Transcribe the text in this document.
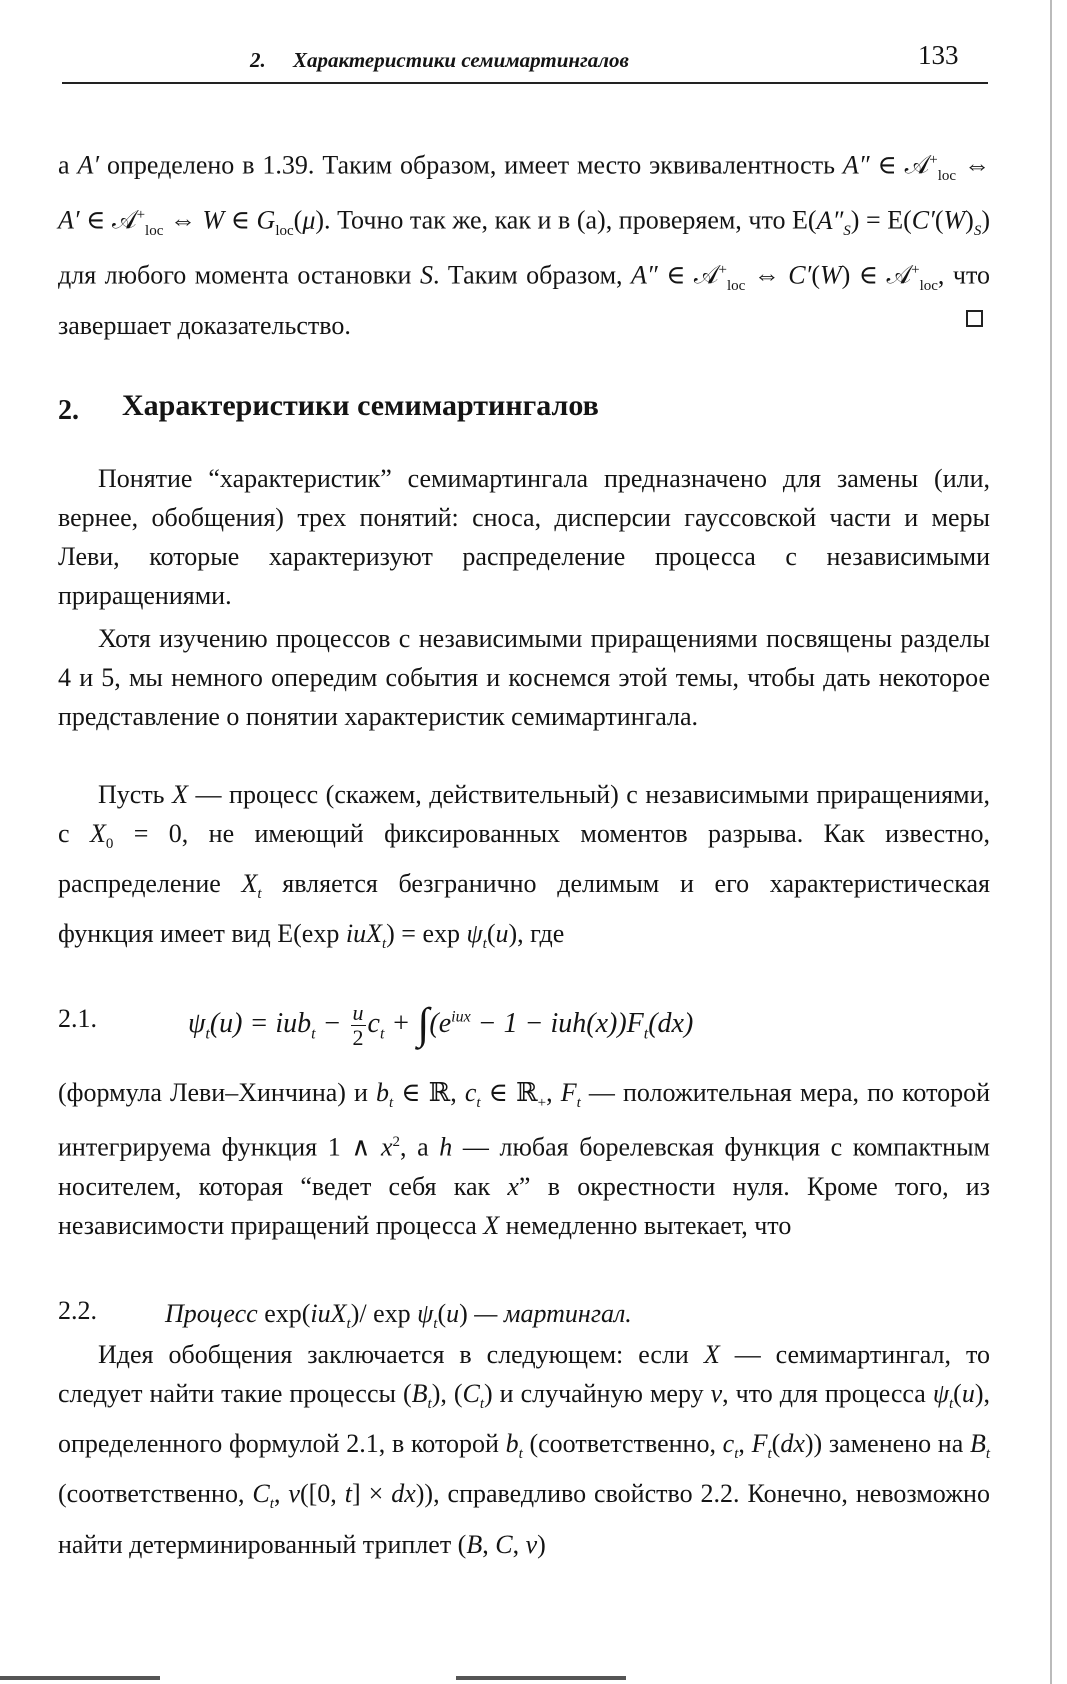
2. Характеристики семимартингалов	133
а A′ определено в 1.39. Таким образом, имеет место эквивалентность A″ ∈ 𝒜+$_{loc}$ ⇔ A′ ∈ 𝒜+$_{loc}$ ⇔ W ∈ $G_{loc}(\mu)$. Точно так же, как и в (a), проверяем, что $E(A''_S) = E(C'(W)_S)$ для любого момента остановки S. Таким образом, A″ ∈ 𝒜+$_{loc}$ ⇔ C′(W) ∈ 𝒜+$_{loc}$, что завершает доказательство.
2. Характеристики семимартингалов
Понятие “характеристик” семимартингала предназначено для замены (или, вернее, обобщения) трех понятий: сноса, дисперсии гауссовской части и меры Леви, которые характеризуют распределение процесса с независимыми приращениями.
Хотя изучению процессов с независимыми приращениями посвящены разделы 4 и 5, мы немного опередим события и коснемся этой темы, чтобы дать некоторое представление о понятии характеристик семимартингала.
Пусть X — процесс (скажем, действительный) с независимыми приращениями, с $X_0 = 0$, не имеющий фиксированных моментов разрыва. Как известно, распределение $X_t$ является безгранично делимым и его характеристическая функция имеет вид E(exp $iuX_t) = \exp \psi_t(u)$, где
2.1.	$\psi_t(u) = iub_t - \frac{u}{2} c_t + \int(e^{iux} - 1 - iuh(x))F_t(dx)$
(формула Леви–Хинчина) и $b_t$ ∈ ℝ, $c_t$ ∈ ℝ$_+$, $F_t$ — положительная мера, по которой интегрируема функция 1 ∧ $x^2$, а h — любая борелевская функция с компактным носителем, которая “ведет себя как x” в окрестности нуля. Кроме того, из независимости приращений процесса X немедленно вытекает, что
2.2.	Процесс exp(iuX$_t$)/ $\exp \psi_t(u)$ — мартингал.
Идея обобщения заключается в следующем: если X — семимартингал, то следует найти такие процессы $(B_t)$, $(C_t)$ и случайную меру ν, что для процесса $\psi_t(u)$, определенного формулой 2.1, в которой $b_t$ (соответственно, $c_t$, $F_t(dx)$) заменено на $B_t$ (соответственно, $C_t$, ν([0, t] × dx)), справедливо свойство 2.2. Конечно, невозможно найти детерминированный триплет (B, C, ν)
